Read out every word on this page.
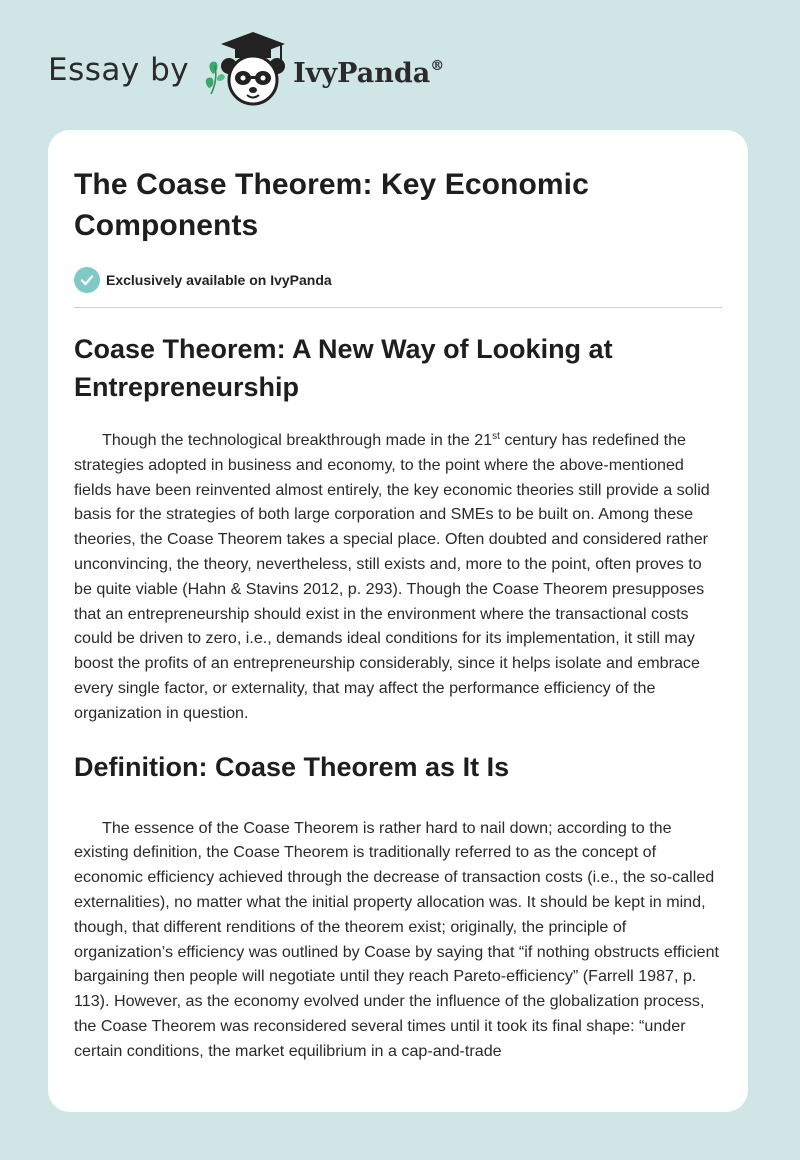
Essay by	IvyPanda®
The Coase Theorem: Key Economic Components
Exclusively available on IvyPanda
Coase Theorem: A New Way of Looking at Entrepreneurship

Though the technological breakthrough made in the 21st century has redefined the strategies adopted in business and economy, to the point where the above-mentioned fields have been reinvented almost entirely, the key economic theories still provide a solid basis for the strategies of both large corporation and SMEs to be built on. Among these theories, the Coase Theorem takes a special place. Often doubted and considered rather unconvincing, the theory, nevertheless, still exists and, more to the point, often proves to be quite viable (Hahn & Stavins 2012, p. 293). Though the Coase Theorem presupposes that an entrepreneurship should exist in the environment where the transactional costs could be driven to zero, i.e., demands ideal conditions for its implementation, it still may boost the profits of an entrepreneurship considerably, since it helps isolate and embrace every single factor, or externality, that may affect the performance efficiency of the organization in question.

Definition: Coase Theorem as It Is

The essence of the Coase Theorem is rather hard to nail down; according to the existing definition, the Coase Theorem is traditionally referred to as the concept of economic efficiency achieved through the decrease of transaction costs (i.e., the so-called externalities), no matter what the initial property allocation was. It should be kept in mind, though, that different renditions of the theorem exist; originally, the principle of organization’s efficiency was outlined by Coase by saying that “if nothing obstructs efficient bargaining then people will negotiate until they reach Pareto-efficiency” (Farrell 1987, p. 113). However, as the economy evolved under the influence of the globalization process, the Coase Theorem was reconsidered several times until it took its final shape: “under certain conditions, the market equilibrium in a cap-and-trade
